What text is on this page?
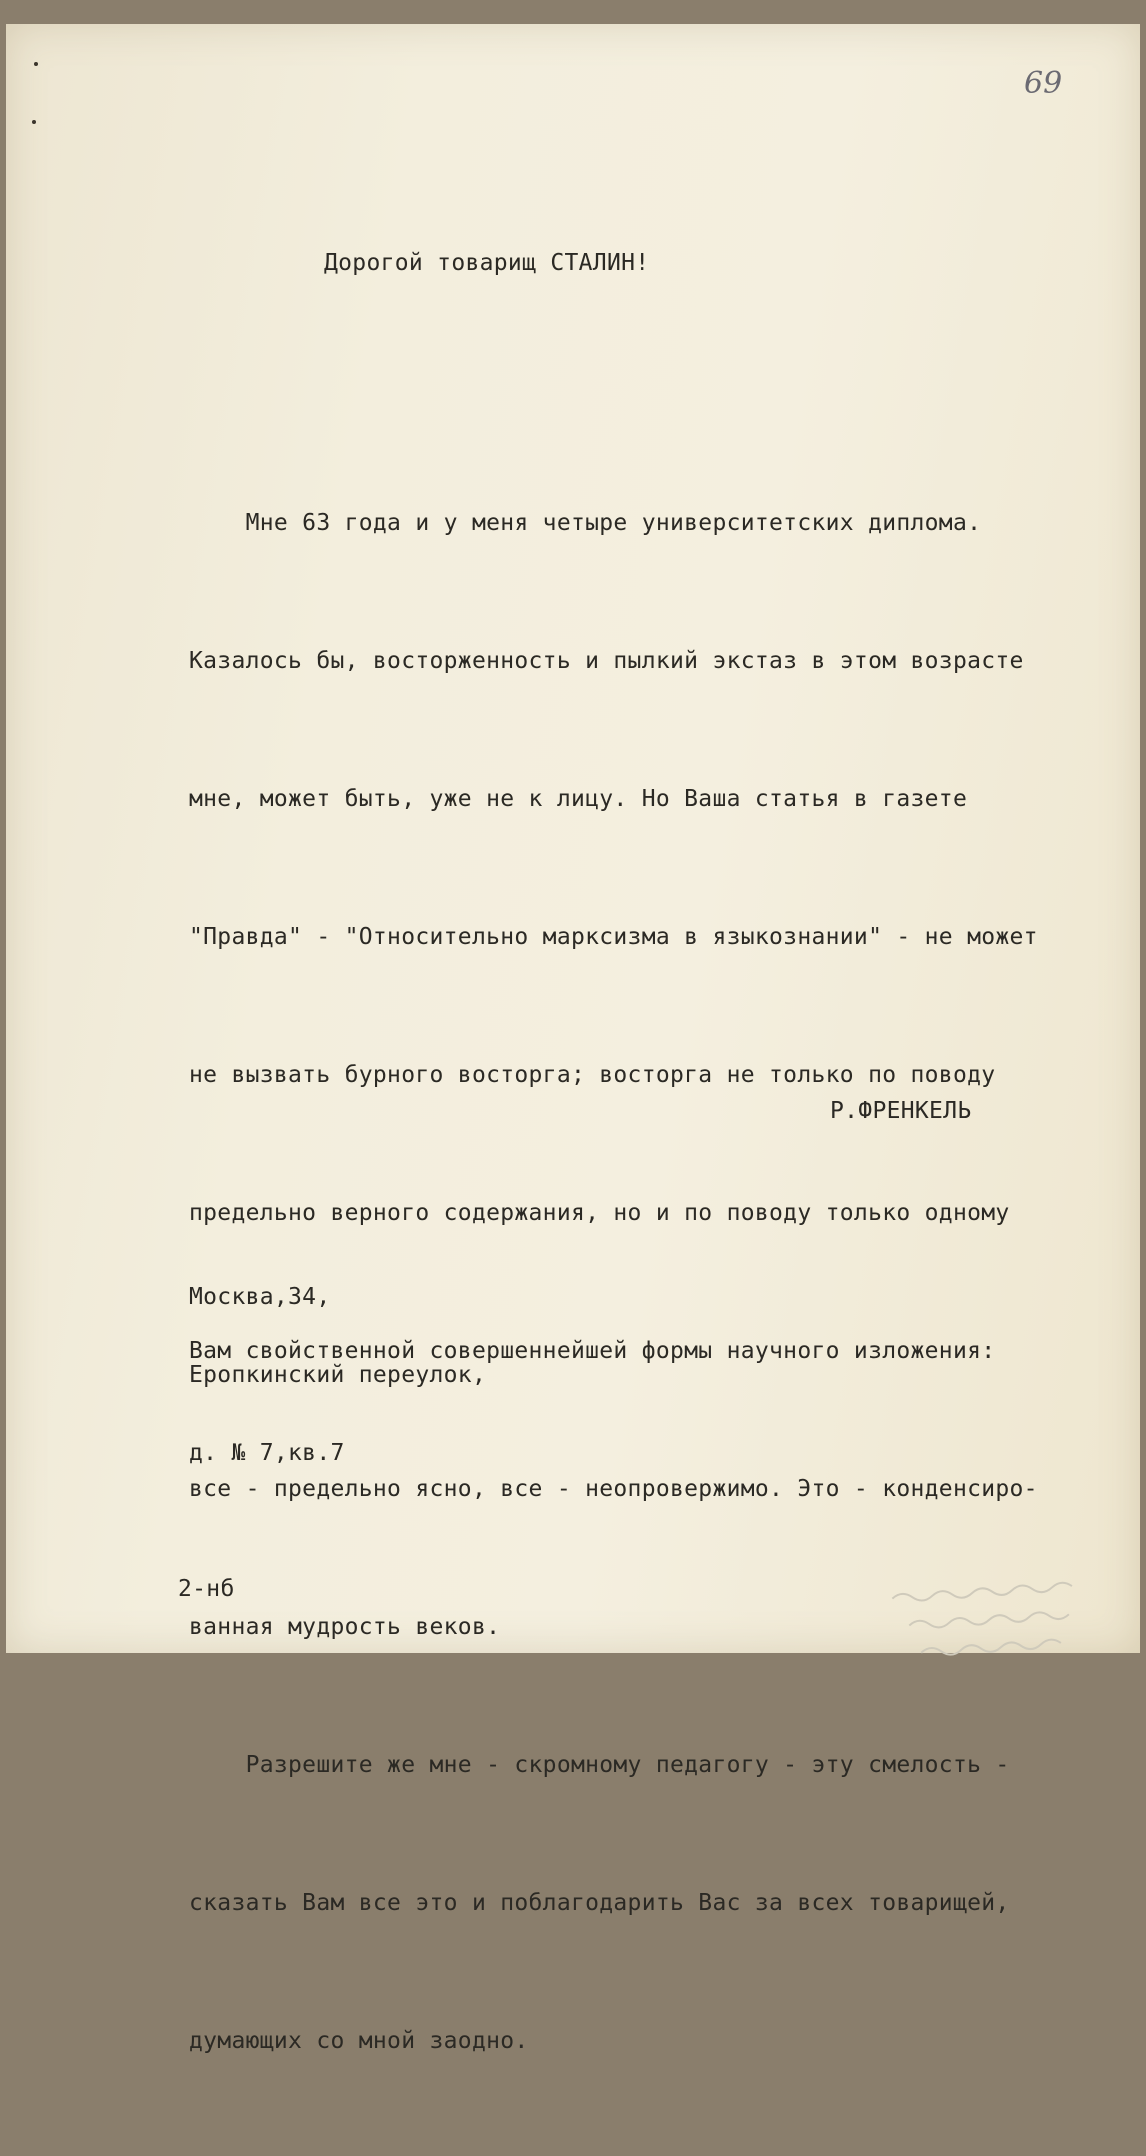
69

Дорогой товарищ СТАЛИН!

Мне 63 года и у меня четыре университетских диплома.

Казалось бы, восторженность и пылкий экстаз в этом возрасте

мне, может быть, уже не к лицу. Но Ваша статья в газете

"Правда" - "Относительно марксизма в языкознании" - не может

не вызвать бурного восторга; восторга не только по поводу

предельно верного содержания, но и по поводу только одному

Вам свойственной совершеннейшей формы научного изложения:

все - предельно ясно, все - неопровержимо. Это - конденсиро-

ванная мудрость веков.

Разрешите же мне - скромному педагогу - эту смелость -

сказать Вам все это и поблагодарить Вас за всех товарищей,

думающих со мной заодно.

Р.ФРЕНКЕЛЬ

Москва,34,

Еропкинский переулок,

д. № 7,кв.7

2-нб
